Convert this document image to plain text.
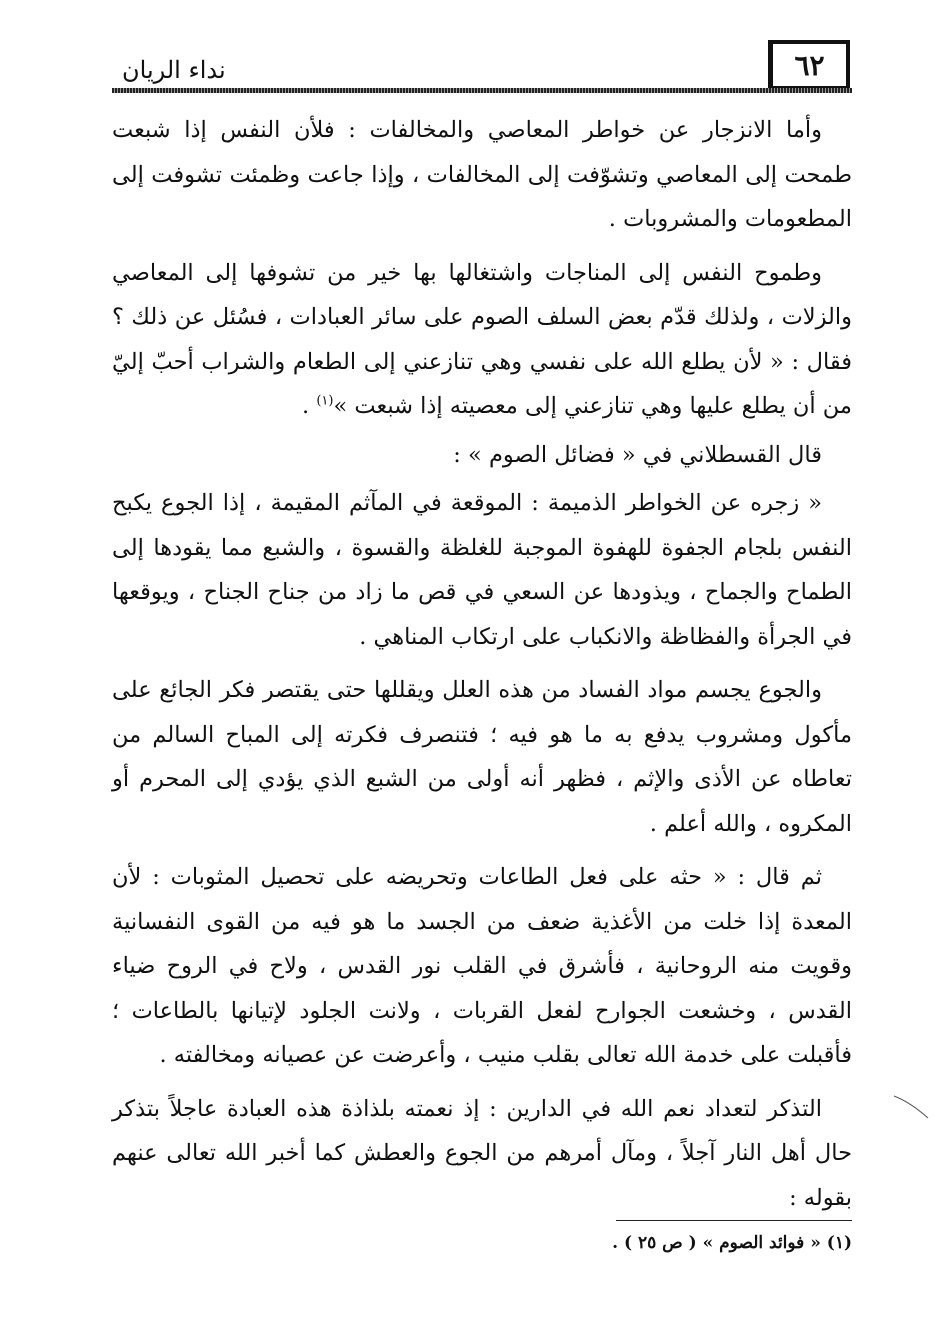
٦٢
نداء الريان

وأما الانزجار عن خواطر المعاصي والمخالفات : فلأن النفس إذا شبعت طمحت إلى المعاصي وتشوّفت إلى المخالفات ، وإذا جاعت وظمئت تشوفت إلى المطعومات والمشروبات .

وطموح النفس إلى المناجات واشتغالها بها خير من تشوفها إلى المعاصي والزلات ، ولذلك قدّم بعض السلف الصوم على سائر العبادات ، فسُئل عن ذلك ؟ فقال : « لأن يطلع الله على نفسي وهي تنازعني إلى الطعام والشراب أحبّ إليّ من أن يطلع عليها وهي تنازعني إلى معصيته إذا شبعت »$^{(١)}$ .

قال القسطلاني في « فضائل الصوم » :

« زجره عن الخواطر الذميمة : الموقعة في المآثم المقيمة ، إذا الجوع يكبح النفس بلجام الجفوة للهفوة الموجبة للغلظة والقسوة ، والشبع مما يقودها إلى الطماح والجماح ، ويذودها عن السعي في قص ما زاد من جناح الجناح ، ويوقعها في الجرأة والفظاظة والانكباب على ارتكاب المناهي .

والجوع يجسم مواد الفساد من هذه العلل ويقللها حتى يقتصر فكر الجائع على مأكول ومشروب يدفع به ما هو فيه ؛ فتنصرف فكرته إلى المباح السالم من تعاطاه عن الأذى والإثم ، فظهر أنه أولى من الشبع الذي يؤدي إلى المحرم أو المكروه ، والله أعلم .

ثم قال : « حثه على فعل الطاعات وتحريضه على تحصيل المثوبات : لأن المعدة إذا خلت من الأغذية ضعف من الجسد ما هو فيه من القوى النفسانية وقويت منه الروحانية ، فأشرق في القلب نور القدس ، ولاح في الروح ضياء القدس ، وخشعت الجوارح لفعل القربات ، ولانت الجلود لإتيانها بالطاعات ؛ فأقبلت على خدمة الله تعالى بقلب منيب ، وأعرضت عن عصيانه ومخالفته .

التذكر لتعداد نعم الله في الدارين : إذ نعمته بلذاذة هذه العبادة عاجلاً بتذكر حال أهل النار آجلاً ، ومآل أمرهم من الجوع والعطش كما أخبر الله تعالى عنهم بقوله :

(١) « فوائد الصوم » ( ص ٢٥ ) .
